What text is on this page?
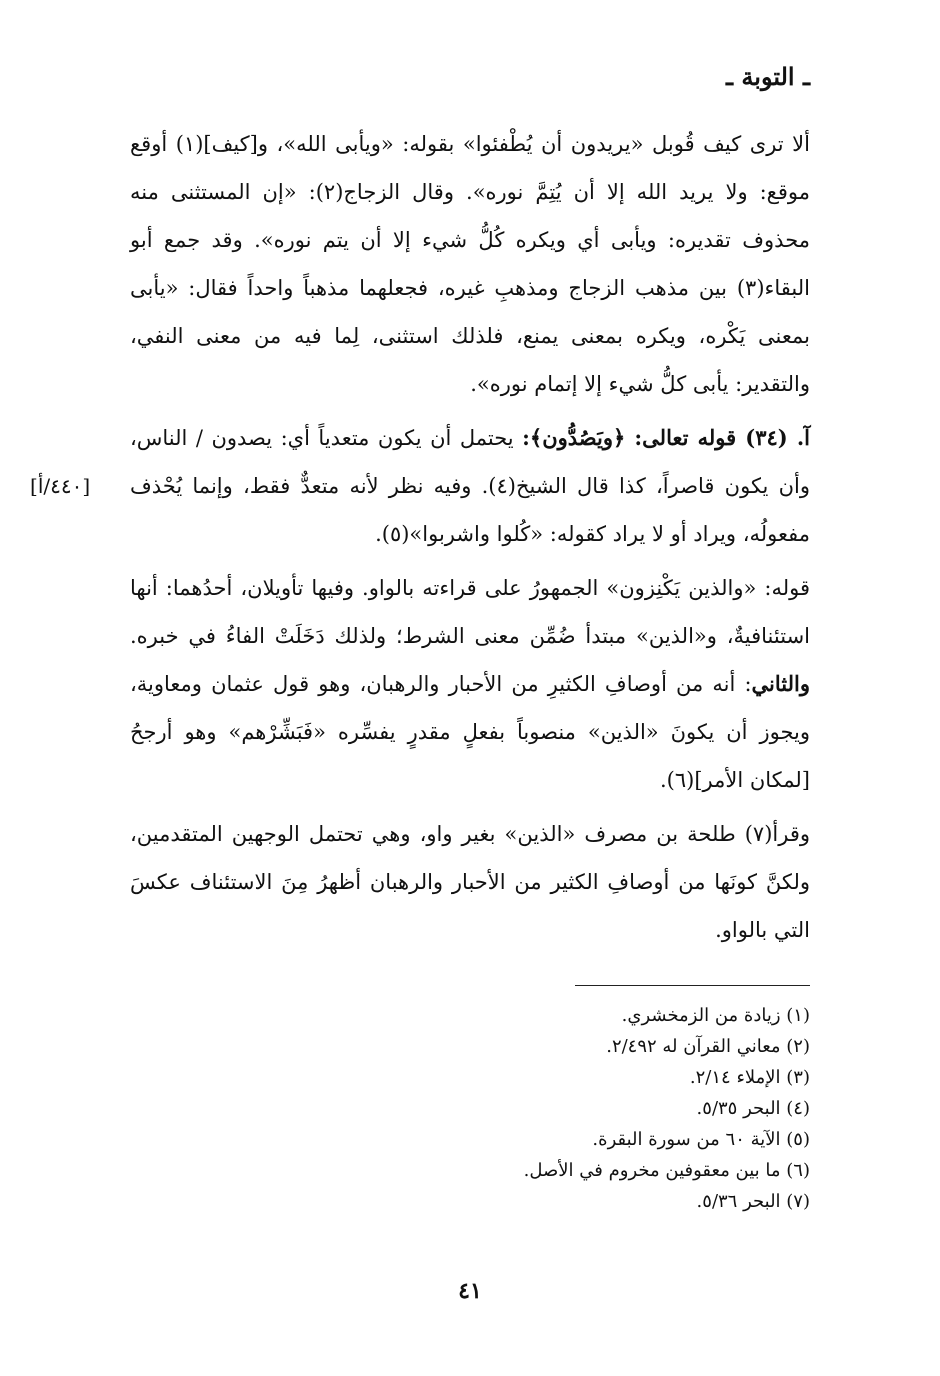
ـ التوبة ـ

ألا ترى كيف قُوبل «يريدون أن يُطْفئوا» بقوله: «ويأبى الله»، و[كيف](١) أوقع موقع: ولا يريد الله إلا أن يُتِمَّ نوره». وقال الزجاج(٢): «إن المستثنى منه محذوف تقديره: ويأبى أي ويكره كُلُّ شيء إلا أن يتم نوره». وقد جمع أبو البقاء(٣) بين مذهب الزجاج ومذهبِ غيره، فجعلهما مذهباً واحداً فقال: «يأبى بمعنى يَكْره، ويكره بمعنى يمنع، فلذلك استثنى، لِما فيه من معنى النفي، والتقدير: يأبى كلُّ شيء إلا إتمام نوره».

آ. (٣٤) قوله تعالى: ﴿ويَصُدُّون﴾: يحتمل أن يكون متعدياً أي: يصدون / الناس، وأن يكون قاصراً، كذا قال الشيخ(٤). وفيه نظر لأنه متعدٌّ فقط، وإنما يُحْذف مفعولُه، ويراد أو لا يراد كقوله: «كُلوا واشربوا»(٥).

قوله: «والذين يَكْنِزون» الجمهورُ على قراءته بالواو. وفيها تأويلان، أحدُهما: أنها استئنافيةٌ، و«الذين» مبتدأ ضُمِّن معنى الشرط؛ ولذلك دَخَلَتْ الفاءُ في خبره. والثاني: أنه من أوصافِ الكثيرِ من الأحبار والرهبان، وهو قول عثمان ومعاوية، ويجوز أن يكونَ «الذين» منصوباً بفعلٍ مقدرٍ يفسِّره «فَبَشِّرْهم» وهو أرجحُ [لمكان الأمر](٦).

وقرأ(٧) طلحة بن مصرف «الذين» بغير واو، وهي تحتمل الوجهين المتقدمين، ولكنَّ كونَها من أوصافِ الكثير من الأحبار والرهبان أظهرُ مِنَ الاستئناف عكسَ التي بالواو.

[٤٤٠/أ]

(١) زيادة من الزمخشري.

(٢) معاني القرآن له ٢/٤٩٢.

(٣) الإملاء ٢/١٤.

(٤) البحر ٥/٣٥.

(٥) الآية ٦٠ من سورة البقرة.

(٦) ما بين معقوفين مخروم في الأصل.

(٧) البحر ٥/٣٦.

٤١
